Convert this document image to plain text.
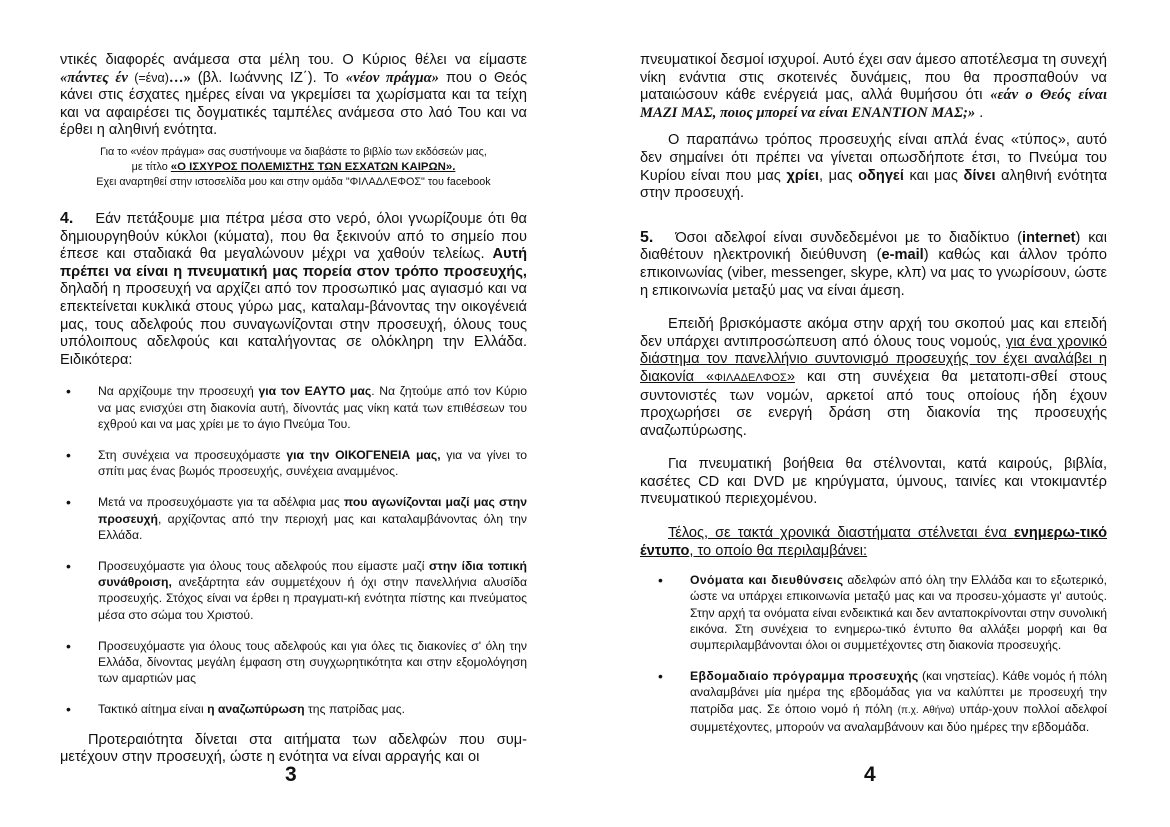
ντικές διαφορές ανάμεσα στα μέλη του. Ο Κύριος θέλει να είμαστε «πάντες έν (=ένα)…» (βλ. Ιωάννης ΙΖ΄). Το «νέον πράγμα» που ο Θεός κάνει στις έσχατες ημέρες είναι να γκρεμίσει τα χωρίσματα και τα τείχη και να αφαιρέσει τις δογματικές ταμπέλες ανάμεσα στο λαό Του και να έρθει η αληθινή ενότητα.

Για το «νέον πράγμα» σας συστήνουμε να διαβάστε το βιβλίο των εκδόσεών μας,
με τίτλο «Ο ΙΣΧΥΡΟΣ ΠΟΛΕΜΙΣΤΗΣ ΤΩΝ ΕΣΧΑΤΩΝ ΚΑΙΡΩΝ».
Εχει αναρτηθεί στην ιστοσελίδα μου και στην ομάδα "ΦΙΛΑΔΛΕΦΟΣ" του facebook

4. Εάν πετάξουμε μια πέτρα μέσα στο νερό, όλοι γνωρίζουμε ότι θα δημιουργηθούν κύκλοι (κύματα), που θα ξεκινούν από το σημείο που έπεσε και σταδιακά θα μεγαλώνουν μέχρι να χαθούν τελείως. Αυτή πρέπει να είναι η πνευματική μας πορεία στον τρόπο προσευχής, δηλαδή η προσευχή να αρχίζει από τον προσωπικό μας αγιασμό και να επεκτείνεται κυκλικά στους γύρω μας, καταλαμ-βάνοντας την οικογένειά μας, τους αδελφούς που συναγωνίζονται στην προσευχή, όλους τους υπόλοιπους αδελφούς και καταλήγοντας σε ολόκληρη την Ελλάδα. Ειδικότερα:

• Να αρχίζουμε την προσευχή για τον ΕΑΥΤΟ μας. Να ζητούμε από τον Κύριο να μας ενισχύει στη διακονία αυτή, δίνοντάς μας νίκη κατά των επιθέσεων του εχθρού και να μας χρίει με το άγιο Πνεύμα Του.
• Στη συνέχεια να προσευχόμαστε για την ΟΙΚΟΓΕΝΕΙΑ μας, για να γίνει το σπίτι μας ένας βωμός προσευχής, συνέχεια αναμμένος.
• Μετά να προσευχόμαστε για τα αδέλφια μας που αγωνίζονται μαζί μας στην προσευχή, αρχίζοντας από την περιοχή μας και καταλαμβάνοντας όλη την Ελλάδα.
• Προσευχόμαστε για όλους τους αδελφούς που είμαστε μαζί στην ίδια τοπική συνάθροιση, ανεξάρτητα εάν συμμετέχουν ή όχι στην πανελλήνια αλυσίδα προσευχής. Στόχος είναι να έρθει η πραγματι-κή ενότητα πίστης και πνεύματος μέσα στο σώμα του Χριστού.
• Προσευχόμαστε για όλους τους αδελφούς και για όλες τις διακονίες σ' όλη την Ελλάδα, δίνοντας μεγάλη έμφαση στη συγχωρητικότητα και στην εξομολόγηση των αμαρτιών μας
• Τακτικό αίτημα είναι η αναζωπύρωση της πατρίδας μας.

Προτεραιότητα δίνεται στα αιτήματα των αδελφών που συμ-μετέχουν στην προσευχή, ώστε η ενότητα να είναι αρραγής και οι

3

πνευματικοί δεσμοί ισχυροί. Αυτό έχει σαν άμεσο αποτέλεσμα τη συνεχή νίκη ενάντια στις σκοτεινές δυνάμεις, που θα προσπαθούν να ματαιώσουν κάθε ενέργειά μας, αλλά θυμήσου ότι «εάν ο Θεός είναι ΜΑΖΙ ΜΑΣ, ποιος μπορεί να είναι ΕΝΑΝΤΙΟΝ ΜΑΣ;» .

Ο παραπάνω τρόπος προσευχής είναι απλά ένας «τύπος», αυτό δεν σημαίνει ότι πρέπει να γίνεται οπωσδήποτε έτσι, το Πνεύμα του Κυρίου είναι που μας χρίει, μας οδηγεί και μας δίνει αληθινή ενότητα στην προσευχή.

5. Όσοι αδελφοί είναι συνδεδεμένοι με το διαδίκτυο (internet) και διαθέτουν ηλεκτρονική διεύθυνση (e-mail) καθώς και άλλον τρόπο επικοινωνίας (viber, messenger, skype, κλπ) να μας το γνωρίσουν, ώστε η επικοινωνία μεταξύ μας να είναι άμεση.

Επειδή βρισκόμαστε ακόμα στην αρχή του σκοπού μας και επειδή δεν υπάρχει αντιπροσώπευση από όλους τους νομούς, για ένα χρονικό διάστημα τον πανελλήνιο συντονισμό προσευχής τον έχει αναλάβει η διακονία «ΦΙΛΑΔΕΛΦΟΣ» και στη συνέχεια θα μετατοπι-σθεί στους συντονιστές των νομών, αρκετοί από τους οποίους ήδη έχουν προχωρήσει σε ενεργή δράση στη διακονία της προσευχής αναζωπύρωσης.

Για πνευματική βοήθεια θα στέλνονται, κατά καιρούς, βιβλία, κασέτες CD και DVD με κηρύγματα, ύμνους, ταινίες και ντοκιμαντέρ πνευματικού περιεχομένου.

Τέλος, σε τακτά χρονικά διαστήματα στέλνεται ένα ενημερω-τικό έντυπο, το οποίο θα περιλαμβάνει:

• Ονόματα και διευθύνσεις αδελφών από όλη την Ελλάδα και το εξωτερικό, ώστε να υπάρχει επικοινωνία μεταξύ μας και να προσευ-χόμαστε γι' αυτούς. Στην αρχή τα ονόματα είναι ενδεικτικά και δεν ανταποκρίνονται στην συνολική εικόνα. Στη συνέχεια το ενημερω-τικό έντυπο θα αλλάξει μορφή και θα συμπεριλαμβάνονται όλοι οι συμμετέχοντες στη διακονία προσευχής.
• Εβδομαδιαίο πρόγραμμα προσευχής (και νηστείας). Κάθε νομός ή πόλη αναλαμβάνει μία ημέρα της εβδομάδας για να καλύπτει με προσευχή την πατρίδα μας. Σε όποιο νομό ή πόλη (π.χ. Αθήνα) υπάρ-χουν πολλοί αδελφοί συμμετέχοντες, μπορούν να αναλαμβάνουν και δύο ημέρες την εβδομάδα.
4
